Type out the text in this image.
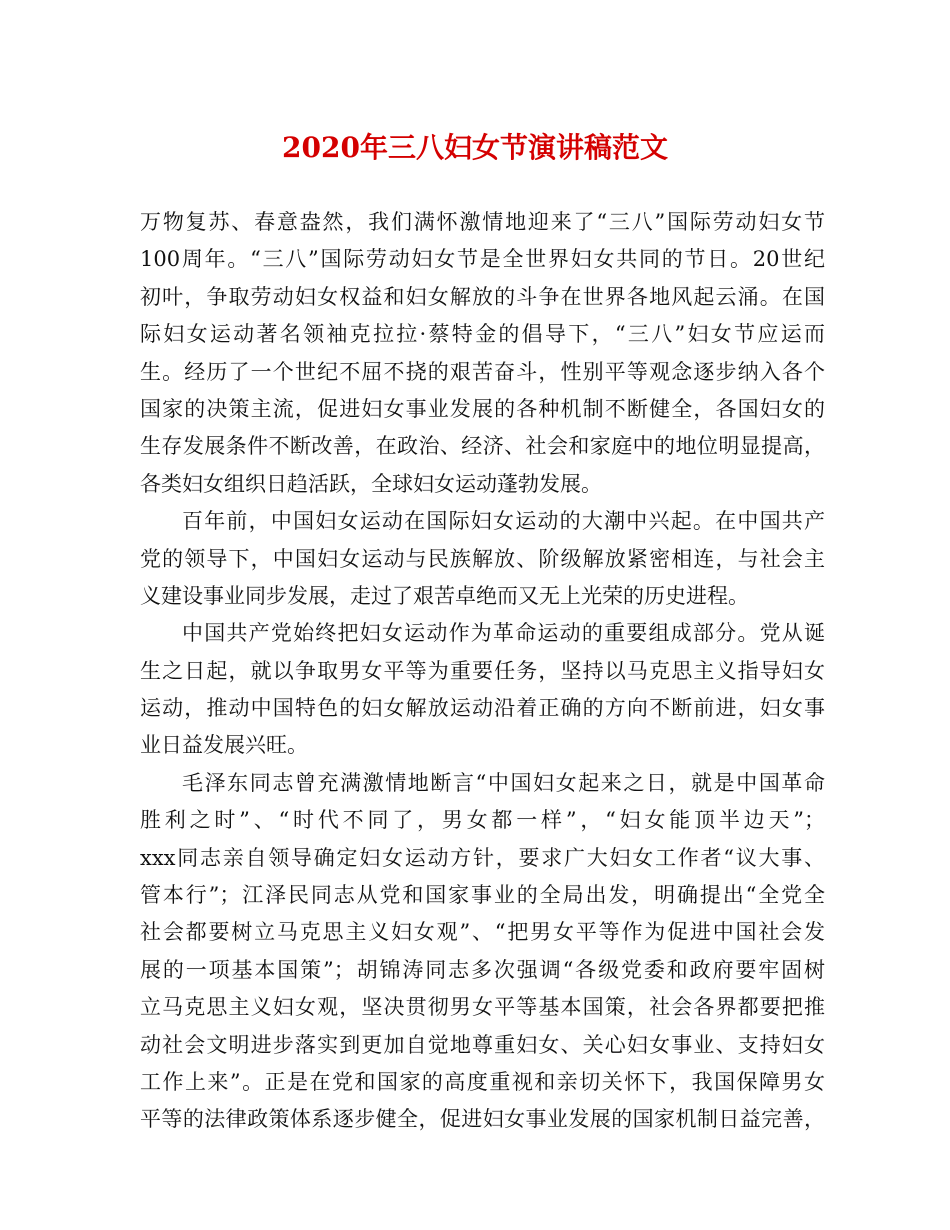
2020年三八妇女节演讲稿范文
万物复苏、春意盎然，我们满怀激情地迎来了“三八”国际劳动妇女节
100周年。“三八”国际劳动妇女节是全世界妇女共同的节日。20世纪
初叶，争取劳动妇女权益和妇女解放的斗争在世界各地风起云涌。在国
际妇女运动著名领袖克拉拉·蔡特金的倡导下，“三八”妇女节应运而
生。经历了一个世纪不屈不挠的艰苦奋斗，性别平等观念逐步纳入各个
国家的决策主流，促进妇女事业发展的各种机制不断健全，各国妇女的
生存发展条件不断改善，在政治、经济、社会和家庭中的地位明显提高，
各类妇女组织日趋活跃，全球妇女运动蓬勃发展。
百年前，中国妇女运动在国际妇女运动的大潮中兴起。在中国共产
党的领导下，中国妇女运动与民族解放、阶级解放紧密相连，与社会主
义建设事业同步发展，走过了艰苦卓绝而又无上光荣的历史进程。
中国共产党始终把妇女运动作为革命运动的重要组成部分。党从诞
生之日起，就以争取男女平等为重要任务，坚持以马克思主义指导妇女
运动，推动中国特色的妇女解放运动沿着正确的方向不断前进，妇女事
业日益发展兴旺。
毛泽东同志曾充满激情地断言“中国妇女起来之日，就是中国革命
胜利之时”、“时代不同了，男女都一样”，“妇女能顶半边天”；
xxx同志亲自领导确定妇女运动方针，要求广大妇女工作者“议大事、
管本行”；江泽民同志从党和国家事业的全局出发，明确提出“全党全
社会都要树立马克思主义妇女观”、“把男女平等作为促进中国社会发
展的一项基本国策”；胡锦涛同志多次强调“各级党委和政府要牢固树
立马克思主义妇女观，坚决贯彻男女平等基本国策，社会各界都要把推
动社会文明进步落实到更加自觉地尊重妇女、关心妇女事业、支持妇女
工作上来”。正是在党和国家的高度重视和亲切关怀下，我国保障男女
平等的法律政策体系逐步健全，促进妇女事业发展的国家机制日益完善，
